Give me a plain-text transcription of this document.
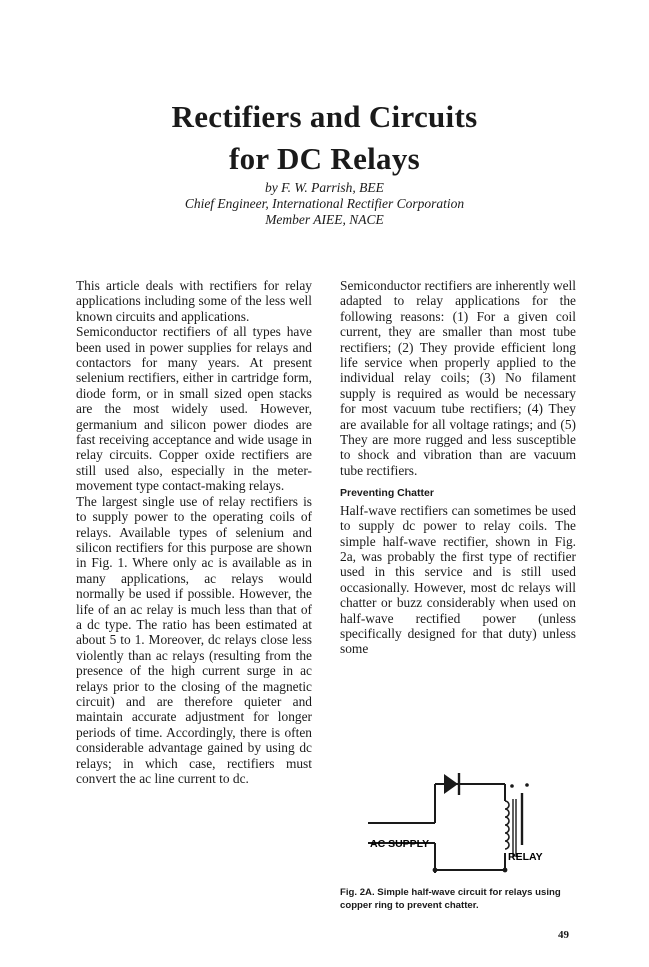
Rectifiers and Circuits
for DC Relays
by F. W. Parrish, BEE
Chief Engineer, International Rectifier Corporation
Member AIEE, NACE

This article deals with rectifiers for relay applications including some of the less well known circuits and applications.

Semiconductor rectifiers of all types have been used in power supplies for relays and contactors for many years. At present selenium rectifiers, either in cartridge form, diode form, or in small sized open stacks are the most widely used. However, germanium and silicon power diodes are fast receiving acceptance and wide usage in relay circuits. Copper oxide rectifiers are still used also, especially in the meter-movement type contact-making relays.

The largest single use of relay rectifiers is to supply power to the operating coils of relays. Available types of selenium and silicon rectifiers for this purpose are shown in Fig. 1. Where only ac is available as in many applications, ac relays would normally be used if possible. However, the life of an ac relay is much less than that of a dc type. The ratio has been estimated at about 5 to 1. Moreover, dc relays close less violently than ac relays (resulting from the presence of the high current surge in ac relays prior to the closing of the magnetic circuit) and are therefore quieter and maintain accurate adjustment for longer periods of time. Accordingly, there is often considerable advantage gained by using dc relays; in which case, rectifiers must convert the ac line current to dc.

Semiconductor rectifiers are inherently well adapted to relay applications for the following reasons: (1) For a given coil current, they are smaller than most tube rectifiers; (2) They provide efficient long life service when properly applied to the individual relay coils; (3) No filament supply is required as would be necessary for most vacuum tube rectifiers; (4) They are available for all voltage ratings; and (5) They are more rugged and less susceptible to shock and vibration than are vacuum tube rectifiers.

Preventing Chatter

Half-wave rectifiers can sometimes be used to supply dc power to relay coils. The simple half-wave rectifier, shown in Fig. 2a, was probably the first type of rectifier used in this service and is still used occasionally. However, most dc relays will chatter or buzz considerably when used on half-wave rectified power (unless specifically designed for that duty) unless some

AC SUPPLY
RELAY
Fig. 2A. Simple half-wave circuit for relays using copper ring to prevent chatter.
49
